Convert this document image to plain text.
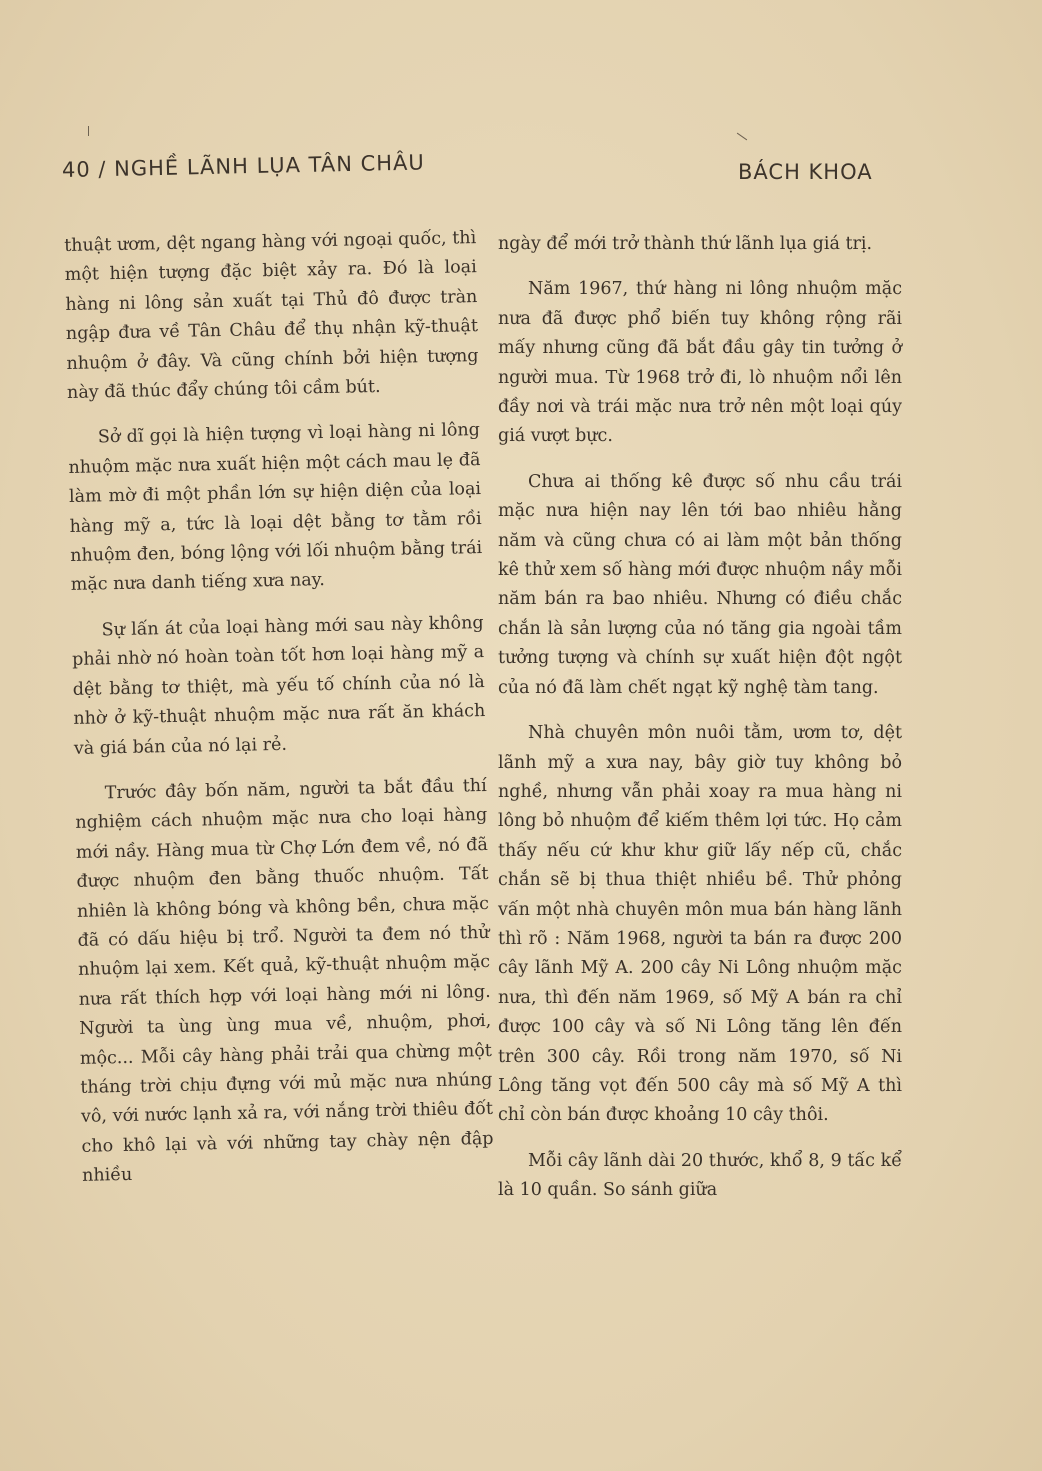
40 / NGHỀ LÃNH LỤA TÂN CHÂU	BÁCH KHOA

thuật ươm, dệt ngang hàng với ngoại quốc, thì một hiện tượng đặc biệt xảy ra. Đó là loại hàng ni lông sản xuất tại Thủ đô được tràn ngập đưa về Tân Châu để thụ nhận kỹ-thuật nhuộm ở đây. Và cũng chính bởi hiện tượng này đã thúc đẩy chúng tôi cầm bút.

Sở dĩ gọi là hiện tượng vì loại hàng ni lông nhuộm mặc nưa xuất hiện một cách mau lẹ đã làm mờ đi một phần lớn sự hiện diện của loại hàng mỹ a, tức là loại dệt bằng tơ tằm rồi nhuộm đen, bóng lộng với lối nhuộm bằng trái mặc nưa danh tiếng xưa nay.

Sự lấn át của loại hàng mới sau này không phải nhờ nó hoàn toàn tốt hơn loại hàng mỹ a dệt bằng tơ thiệt, mà yếu tố chính của nó là nhờ ở kỹ-thuật nhuộm mặc nưa rất ăn khách và giá bán của nó lại rẻ.

Trước đây bốn năm, người ta bắt đầu thí nghiệm cách nhuộm mặc nưa cho loại hàng mới nầy. Hàng mua từ Chợ Lớn đem về, nó đã được nhuộm đen bằng thuốc nhuộm. Tất nhiên là không bóng và không bền, chưa mặc đã có dấu hiệu bị trổ. Người ta đem nó thử nhuộm lại xem. Kết quả, kỹ-thuật nhuộm mặc nưa rất thích hợp với loại hàng mới ni lông. Người ta ùng ùng mua về, nhuộm, phơi, mộc... Mỗi cây hàng phải trải qua chừng một tháng trời chịu đựng với mủ mặc nưa nhúng vô, với nước lạnh xả ra, với nắng trời thiêu đốt cho khô lại và với những tay chày nện đập nhiều

ngày để mới trở thành thứ lãnh lụa giá trị.

Năm 1967, thứ hàng ni lông nhuộm mặc nưa đã được phổ biến tuy không rộng rãi mấy nhưng cũng đã bắt đầu gây tin tưởng ở người mua. Từ 1968 trở đi, lò nhuộm nổi lên đầy nơi và trái mặc nưa trở nên một loại qúy giá vượt bực.

Chưa ai thống kê được số nhu cầu trái mặc nưa hiện nay lên tới bao nhiêu hằng năm và cũng chưa có ai làm một bản thống kê thử xem số hàng mới được nhuộm nầy mỗi năm bán ra bao nhiêu. Nhưng có điều chắc chắn là sản lượng của nó tăng gia ngoài tầm tưởng tượng và chính sự xuất hiện đột ngột của nó đã làm chết ngạt kỹ nghệ tàm tang.

Nhà chuyên môn nuôi tằm, ươm tơ, dệt lãnh mỹ a xưa nay, bây giờ tuy không bỏ nghề, nhưng vẫn phải xoay ra mua hàng ni lông bỏ nhuộm để kiếm thêm lợi tức. Họ cảm thấy nếu cứ khư khư giữ lấy nếp cũ, chắc chắn sẽ bị thua thiệt nhiều bề. Thử phỏng vấn một nhà chuyên môn mua bán hàng lãnh thì rõ : Năm 1968, người ta bán ra được 200 cây lãnh Mỹ A. 200 cây Ni Lông nhuộm mặc nưa, thì đến năm 1969, số Mỹ A bán ra chỉ được 100 cây và số Ni Lông tăng lên đến trên 300 cây. Rồi trong năm 1970, số Ni Lông tăng vọt đến 500 cây mà số Mỹ A thì chỉ còn bán được khoảng 10 cây thôi.

Mỗi cây lãnh dài 20 thước, khổ 8, 9 tấc kể là 10 quần. So sánh giữa
